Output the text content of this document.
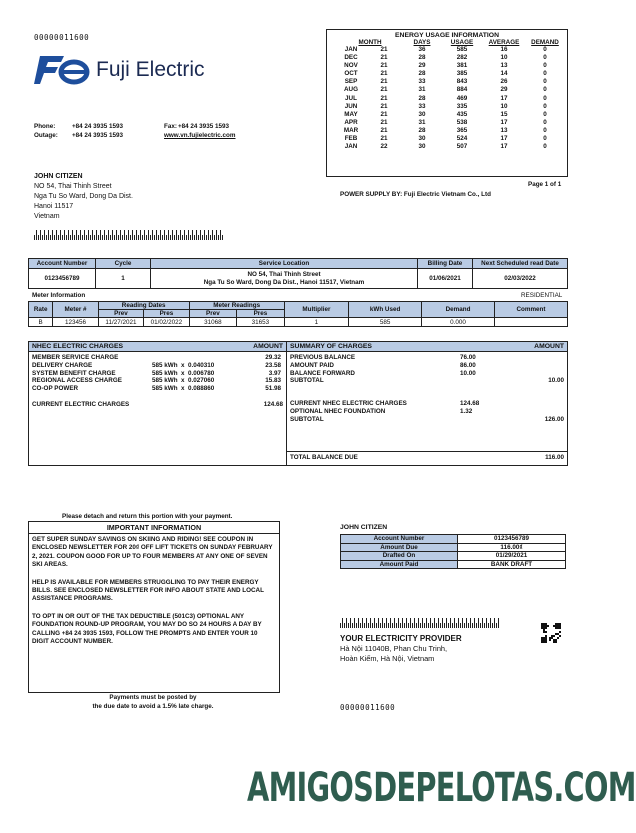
00000011600
Fuji Electric
Phone:	+84 24 3935 1593
Outage: +84 24 3935 1593
Fax:+84 24 3935 1593
www.vn.fujielectric.com
JOHN CITIZEN
NO 54, Thai Thinh Street
Nga Tu So Ward, Dong Da Dist.
Hanoi 11517
Vietnam
ENERGY USAGE INFORMATION
MONTH		DAYS	USAGE	AVERAGE	DEMAND
JAN	21	36	585	16	0
DEC	21	28	282	10	0
NOV	21	29	381	13	0
OCT	21	28	385	14	0
SEP	21	33	843	26	0
AUG	21	31	884	29	0
JUL	21	28	469	17	0
JUN	21	33	335	10	0
MAY	21	30	435	15	0
APR	21	31	538	17	0
MAR	21	28	365	13	0
FEB	21	30	524	17	0
JAN	22	30	507	17	0
Page 1 of 1
POWER SUPPLY BY: Fuji Electric Vietnam Co., Ltd
Account Number	Cycle	Service Location	Billing Date	Next Scheduled read Date
0123456789	1	NO 54, Thai Thinh Street
Nga Tu So Ward, Dong Da Dist., Hanoi 11517, Vietnam	01/06/2021	02/03/2022
Meter Information	RESIDENTIAL
Rate	Meter #	Reading Dates		Meter Readings		Multiplier	kWh Used	Demand	Comment
		Prev	Pres	Prev	Pres				
B	123456	11/27/2021	01/02/2022	31068	31653	1	585	0.000	
NHEC ELECTRIC CHARGES	AMOUNT
MEMBER SERVICE CHARGE	29.32
DELIVERY CHARGE	585 kWh  x  0.040310	23.58
SYSTEM BENEFIT CHARGE	585 kWh  x  0.006780	3.97
REGIONAL ACCESS CHARGE	585 kWh  x  0.027060	15.83
CO-OP POWER	585 kWh  x  0.088860	51.98
CURRENT ELECTRIC CHARGES	124.68
SUMMARY OF CHARGES	AMOUNT
PREVIOUS BALANCE	76.00
AMOUNT PAID	86.00
BALANCE FORWARD	10.00
SUBTOTAL	10.00
CURRENT NHEC ELECTRIC CHARGES	124.68
OPTIONAL NHEC FOUNDATION	1.32
SUBTOTAL	126.00
TOTAL BALANCE DUE	116.00
Please detach and return this portion with your payment.
IMPORTANT INFORMATION
GET SUPER SUNDAY SAVINGS ON SKIING AND RIDING! SEE COUPON IN ENCLOSED NEWSLETTER FOR 20₫ OFF LIFT TICKETS ON SUNDAY FEBRUARY 2, 2021. COUPON GOOD FOR UP TO FOUR MEMBERS AT ANY ONE OF SEVEN SKI AREAS.
HELP IS AVAILABLE FOR MEMBERS STRUGGLING TO PAY THEIR ENERGY BILLS. SEE ENCLOSED NEWSLETTER FOR INFO ABOUT STATE AND LOCAL ASSISTANCE PROGRAMS.
TO OPT IN OR OUT OF THE TAX DEDUCTIBLE (501C3) OPTIONAL ANY FOUNDATION ROUND-UP PROGRAM, YOU MAY DO SO 24 HOURS A DAY BY CALLING +84 24 3935 1593, FOLLOW THE PROMPTS AND ENTER YOUR 10 DIGIT ACCOUNT NUMBER.
Payments must be posted by
the due date to avoid a 1.5% late charge.
JOHN CITIZEN
Account Number	0123456789
Amount Due	116.00₫
Drafted On	01/29/2021
Amount Paid	BANK DRAFT
YOUR ELECTRICITY PROVIDER
Hà Nội 11040B, Phan Chu Trinh,
Hoàn Kiếm, Hà Nội, Vietnam
00000011600
AMIGOSDEPELOTAS.COM
